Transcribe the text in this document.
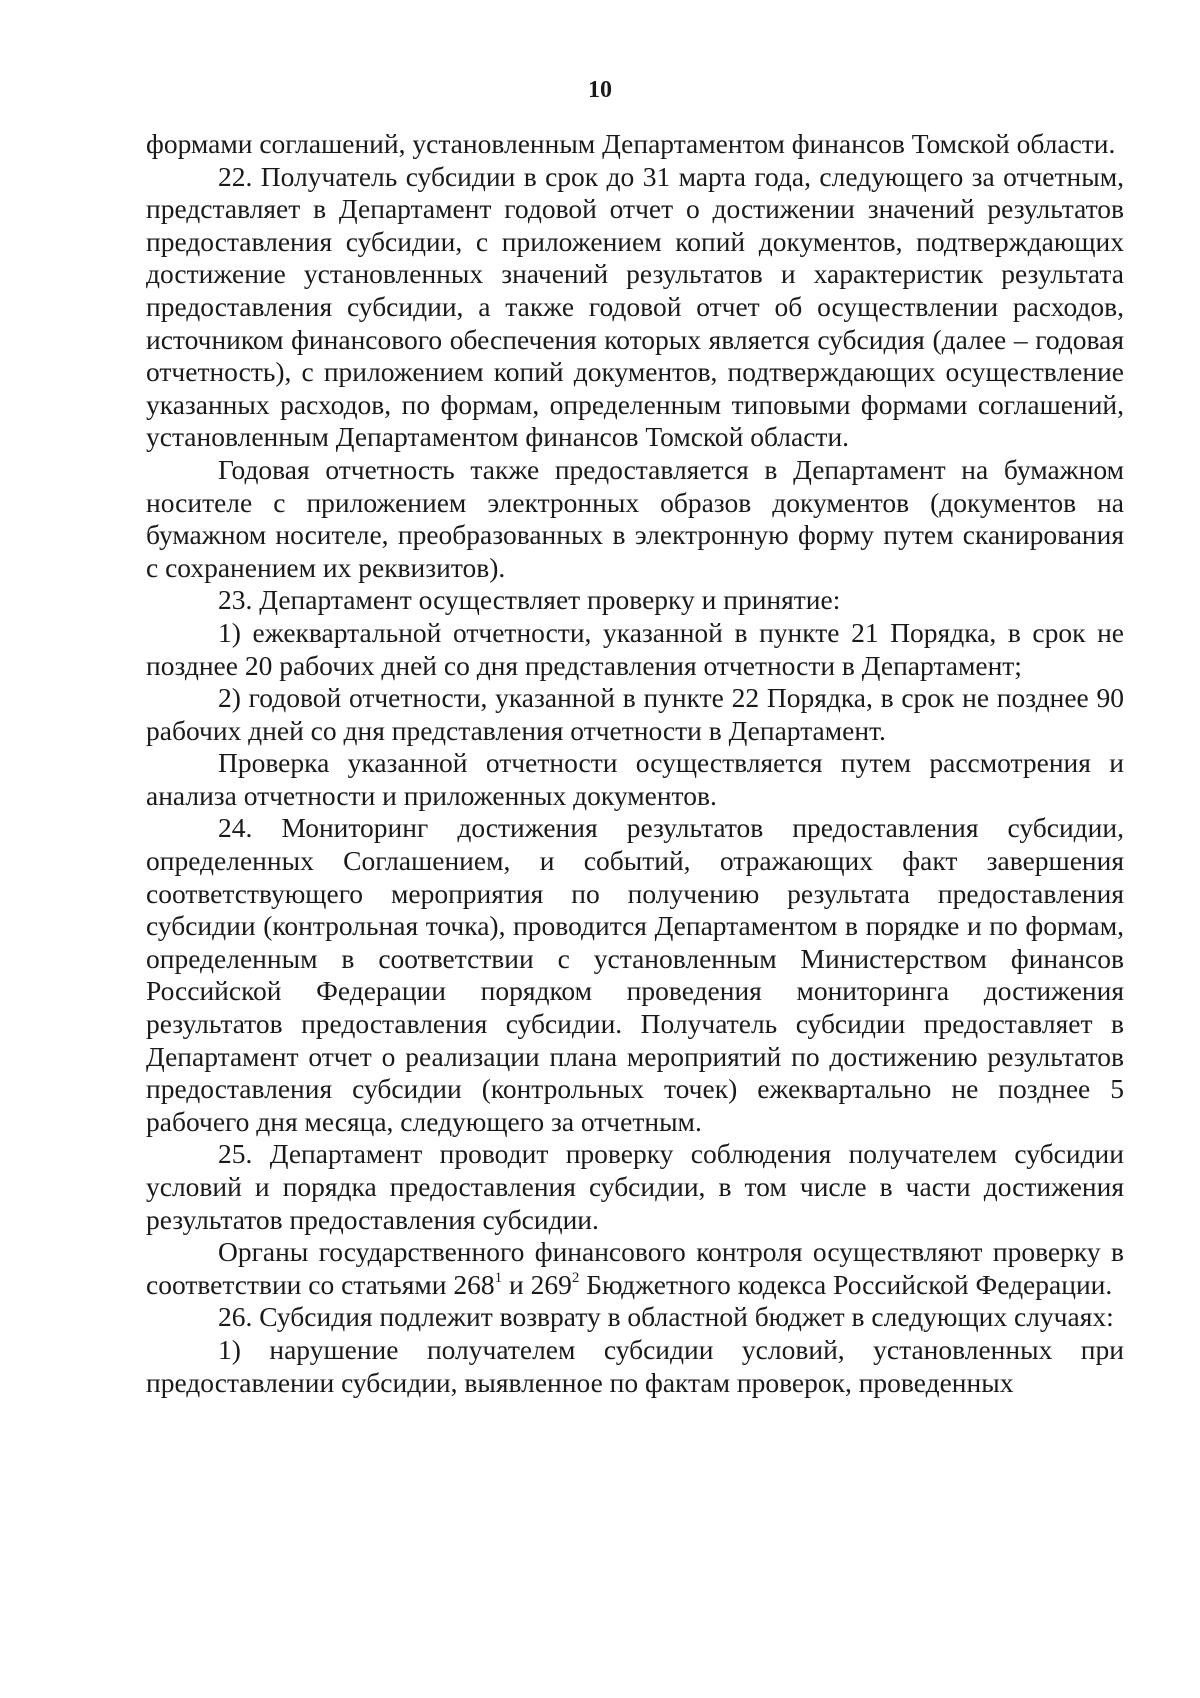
10

формами соглашений, установленным Департаментом финансов Томской области.

22. Получатель субсидии в срок до 31 марта года, следующего за отчетным, представляет в Департамент годовой отчет о достижении значений результатов предоставления субсидии, с приложением копий документов, подтверждающих достижение установленных значений результатов и характеристик результата предоставления субсидии, а также годовой отчет об осуществлении расходов, источником финансового обеспечения которых является субсидия (далее – годовая отчетность), с приложением копий документов, подтверждающих осуществление указанных расходов, по формам, определенным типовыми формами соглашений, установленным Департаментом финансов Томской области.

Годовая отчетность также предоставляется в Департамент на бумажном носителе с приложением электронных образов документов (документов на бумажном носителе, преобразованных в электронную форму путем сканирования с сохранением их реквизитов).

23. Департамент осуществляет проверку и принятие:

1) ежеквартальной отчетности, указанной в пункте 21 Порядка, в срок не позднее 20 рабочих дней со дня представления отчетности в Департамент;

2) годовой отчетности, указанной в пункте 22 Порядка, в срок не позднее 90 рабочих дней со дня представления отчетности в Департамент.

Проверка указанной отчетности осуществляется путем рассмотрения и анализа отчетности и приложенных документов.

24. Мониторинг достижения результатов предоставления субсидии, определенных Соглашением, и событий, отражающих факт завершения соответствующего мероприятия по получению результата предоставления субсидии (контрольная точка), проводится Департаментом в порядке и по формам, определенным в соответствии с установленным Министерством финансов Российской Федерации порядком проведения мониторинга достижения результатов предоставления субсидии. Получатель субсидии предоставляет в Департамент отчет о реализации плана мероприятий по достижению результатов предоставления субсидии (контрольных точек) ежеквартально не позднее 5 рабочего дня месяца, следующего за отчетным.

25. Департамент проводит проверку соблюдения получателем субсидии условий и порядка предоставления субсидии, в том числе в части достижения результатов предоставления субсидии.

Органы государственного финансового контроля осуществляют проверку в соответствии со статьями $268^1$ и $269^2$ Бюджетного кодекса Российской Федерации.

26. Субсидия подлежит возврату в областной бюджет в следующих случаях:

1) нарушение получателем субсидии условий, установленных при предоставлении субсидии, выявленное по фактам проверок, проведенных
